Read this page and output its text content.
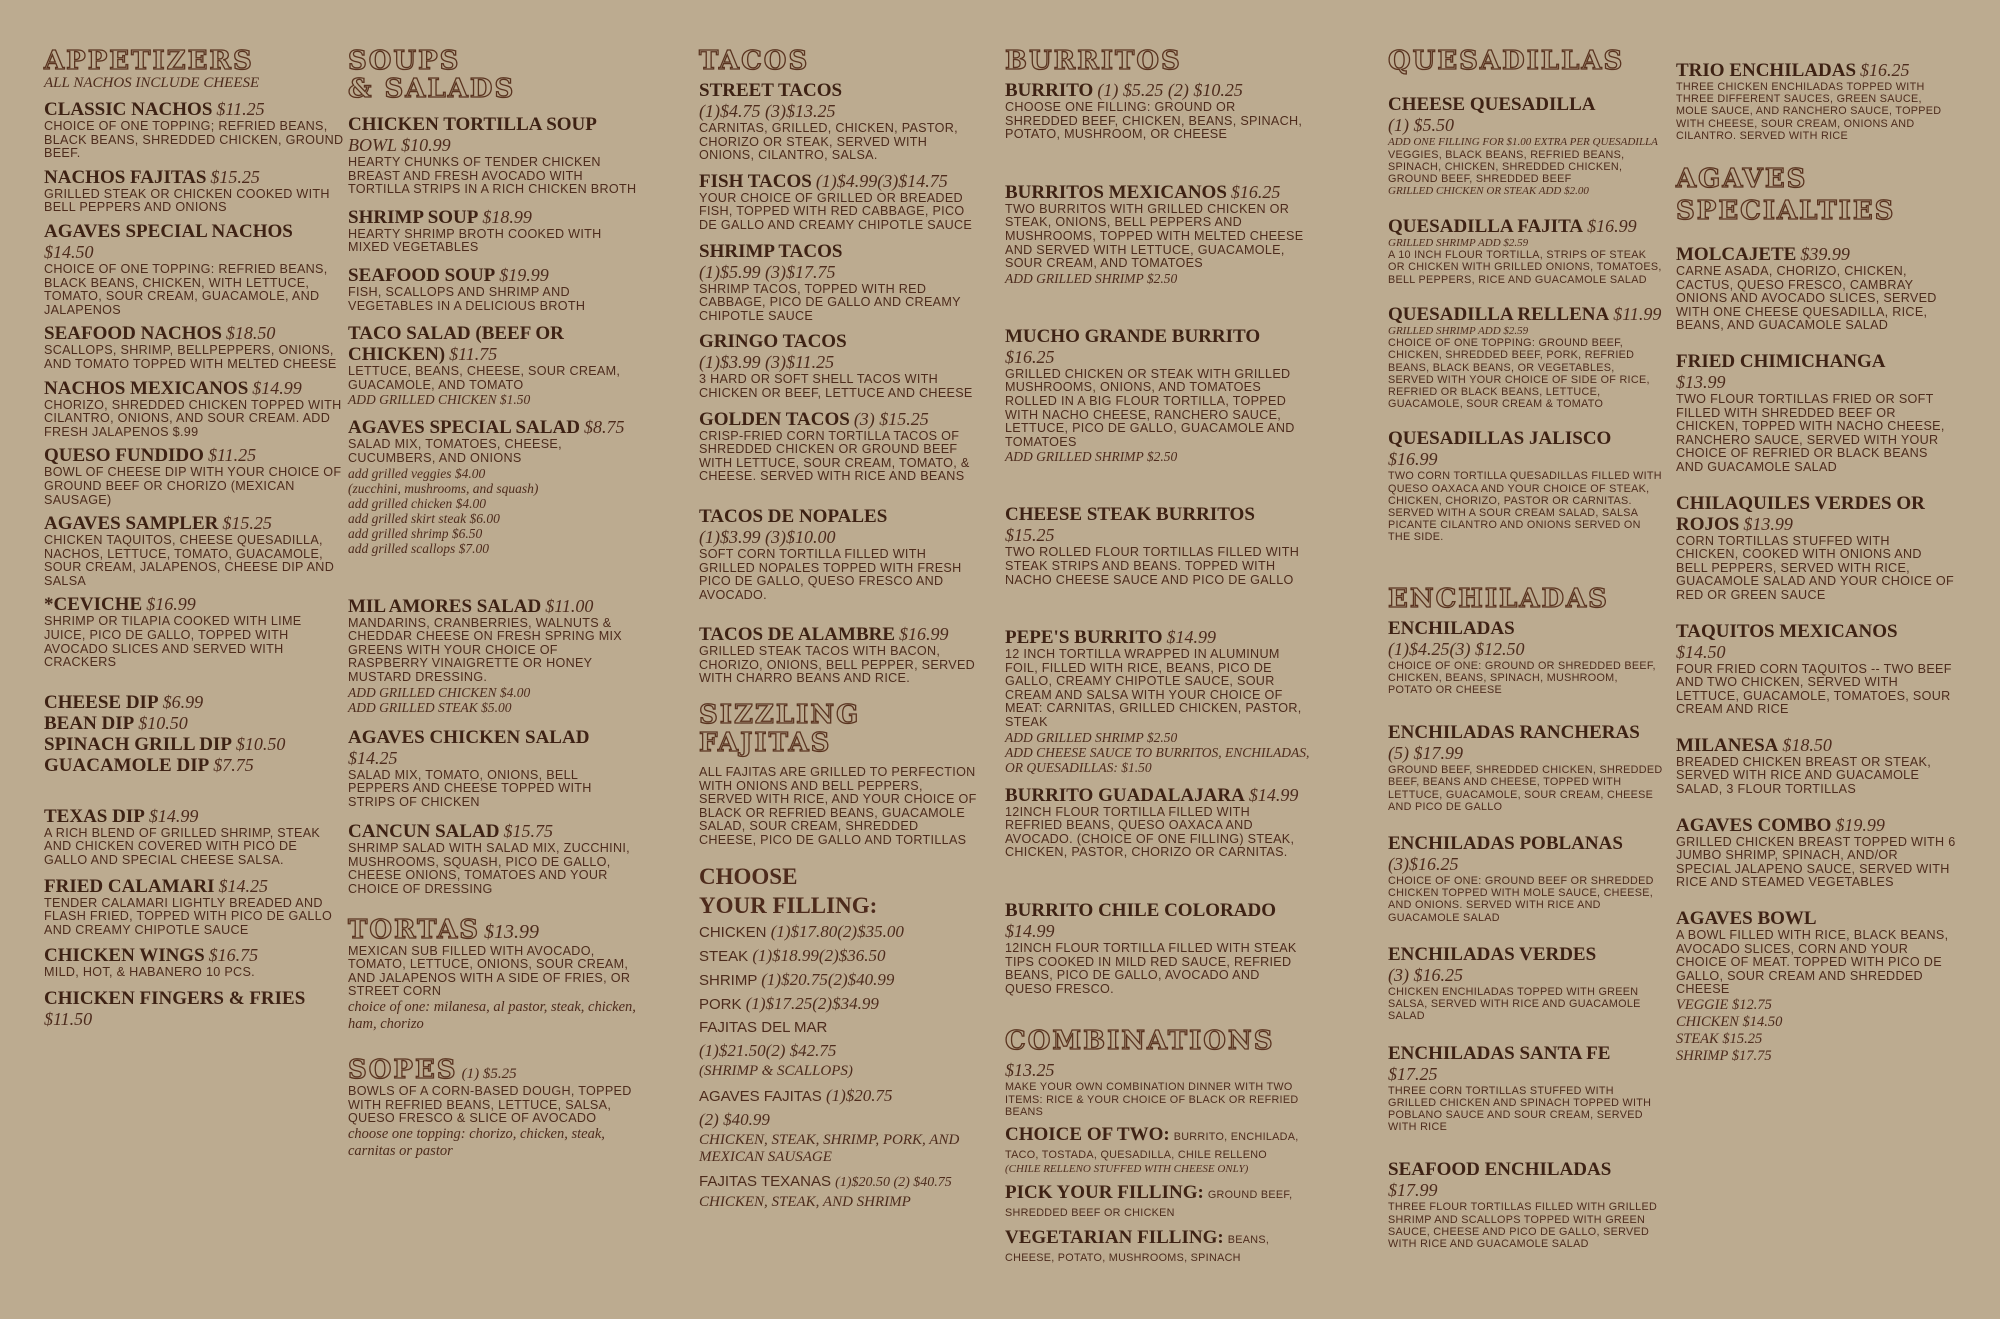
APPETIZERS
ALL NACHOS INCLUDE CHEESE
CLASSIC NACHOS $11.25
CHOICE OF ONE TOPPING; REFRIED BEANS, BLACK BEANS, SHREDDED CHICKEN, GROUND BEEF.
NACHOS FAJITAS $15.25
GRILLED STEAK OR CHICKEN COOKED WITH BELL PEPPERS AND ONIONS
AGAVES SPECIAL NACHOS $14.50
CHOICE OF ONE TOPPING: REFRIED BEANS, BLACK BEANS, CHICKEN, WITH LETTUCE, TOMATO, SOUR CREAM, GUACAMOLE, AND JALAPENOS
SEAFOOD NACHOS $18.50
SCALLOPS, SHRIMP, BELLPEPPERS, ONIONS, AND TOMATO TOPPED WITH MELTED CHEESE
NACHOS MEXICANOS $14.99
CHORIZO, SHREDDED CHICKEN TOPPED WITH CILANTRO, ONIONS, AND SOUR CREAM. ADD FRESH JALAPENOS $.99
QUESO FUNDIDO $11.25
BOWL OF CHEESE DIP WITH YOUR CHOICE OF GROUND BEEF OR CHORIZO (MEXICAN SAUSAGE)
AGAVES SAMPLER $15.25
CHICKEN TAQUITOS, CHEESE QUESADILLA, NACHOS, LETTUCE, TOMATO, GUACAMOLE, SOUR CREAM, JALAPENOS, CHEESE DIP AND SALSA
*CEVICHE $16.99
SHRIMP OR TILAPIA COOKED WITH LIME JUICE, PICO DE GALLO, TOPPED WITH AVOCADO SLICES AND SERVED WITH CRACKERS
CHEESE DIP $6.99
BEAN DIP $10.50
SPINACH GRILL DIP $10.50
GUACAMOLE DIP $7.75
TEXAS DIP $14.99
A RICH BLEND OF GRILLED SHRIMP, STEAK AND CHICKEN COVERED WITH PICO DE GALLO AND SPECIAL CHEESE SALSA.
FRIED CALAMARI $14.25
TENDER CALAMARI LIGHTLY BREADED AND FLASH FRIED, TOPPED WITH PICO DE GALLO AND CREAMY CHIPOTLE SAUCE
CHICKEN WINGS $16.75
MILD, HOT, & HABANERO 10 PCS.
CHICKEN FINGERS & FRIES $11.50
SOUPS
& SALADS
CHICKEN TORTILLA SOUP
BOWL $10.99
HEARTY CHUNKS OF TENDER CHICKEN BREAST AND FRESH AVOCADO WITH TORTILLA STRIPS IN A RICH CHICKEN BROTH
SHRIMP SOUP $18.99
HEARTY SHRIMP BROTH COOKED WITH MIXED VEGETABLES
SEAFOOD SOUP $19.99
FISH, SCALLOPS AND SHRIMP AND VEGETABLES IN A DELICIOUS BROTH
TACO SALAD (BEEF OR CHICKEN) $11.75
LETTUCE, BEANS, CHEESE, SOUR CREAM, GUACAMOLE, AND TOMATO
ADD GRILLED CHICKEN $1.50
AGAVES SPECIAL SALAD $8.75
SALAD MIX, TOMATOES, CHEESE, CUCUMBERS, AND ONIONS
add grilled veggies $4.00
(zucchini, mushrooms, and squash)
add grilled chicken $4.00
add grilled skirt steak $6.00
add grilled shrimp $6.50
add grilled scallops $7.00
MIL AMORES SALAD $11.00
MANDARINS, CRANBERRIES, WALNUTS & CHEDDAR CHEESE ON FRESH SPRING MIX GREENS WITH YOUR CHOICE OF RASPBERRY VINAIGRETTE OR HONEY MUSTARD DRESSING.
ADD GRILLED CHICKEN $4.00
ADD GRILLED STEAK $5.00
AGAVES CHICKEN SALAD $14.25
SALAD MIX, TOMATO, ONIONS, BELL PEPPERS AND CHEESE TOPPED WITH STRIPS OF CHICKEN
CANCUN SALAD $15.75
SHRIMP SALAD WITH SALAD MIX, ZUCCHINI, MUSHROOMS, SQUASH, PICO DE GALLO, CHEESE ONIONS, TOMATOES AND YOUR CHOICE OF DRESSING
TORTAS $13.99
MEXICAN SUB FILLED WITH AVOCADO, TOMATO, LETTUCE, ONIONS, SOUR CREAM, AND JALAPENOS WITH A SIDE OF FRIES, OR STREET CORN
choice of one: milanesa, al pastor, steak, chicken, ham, chorizo
SOPES (1) $5.25
BOWLS OF A CORN-BASED DOUGH, TOPPED WITH REFRIED BEANS, LETTUCE, SALSA, QUESO FRESCO & SLICE OF AVOCADO
choose one topping: chorizo, chicken, steak, carnitas or pastor
TACOS
STREET TACOS
(1)$4.75 (3)$13.25
CARNITAS, GRILLED, CHICKEN, PASTOR, CHORIZO OR STEAK, SERVED WITH ONIONS, CILANTRO, SALSA.
FISH TACOS (1)$4.99(3)$14.75
YOUR CHOICE OF GRILLED OR BREADED FISH, TOPPED WITH RED CABBAGE, PICO DE GALLO AND CREAMY CHIPOTLE SAUCE
SHRIMP TACOS
(1)$5.99 (3)$17.75
SHRIMP TACOS, TOPPED WITH RED CABBAGE, PICO DE GALLO AND CREAMY CHIPOTLE SAUCE
GRINGO TACOS
(1)$3.99 (3)$11.25
3 HARD OR SOFT SHELL TACOS WITH CHICKEN OR BEEF, LETTUCE AND CHEESE
GOLDEN TACOS (3) $15.25
CRISP-FRIED CORN TORTILLA TACOS OF SHREDDED CHICKEN OR GROUND BEEF WITH LETTUCE, SOUR CREAM, TOMATO, & CHEESE. SERVED WITH RICE AND BEANS
TACOS DE NOPALES
(1)$3.99 (3)$10.00
SOFT CORN TORTILLA FILLED WITH GRILLED NOPALES TOPPED WITH FRESH PICO DE GALLO, QUESO FRESCO AND AVOCADO.
TACOS DE ALAMBRE $16.99
GRILLED STEAK TACOS WITH BACON, CHORIZO, ONIONS, BELL PEPPER, SERVED WITH CHARRO BEANS AND RICE.
SIZZLING
FAJITAS
ALL FAJITAS ARE GRILLED TO PERFECTION WITH ONIONS AND BELL PEPPERS, SERVED WITH RICE, AND YOUR CHOICE OF BLACK OR REFRIED BEANS, GUACAMOLE SALAD, SOUR CREAM, SHREDDED CHEESE, PICO DE GALLO AND TORTILLAS
CHOOSE
YOUR FILLING:
CHICKEN (1)$17.80(2)$35.00
STEAK (1)$18.99(2)$36.50
SHRIMP (1)$20.75(2)$40.99
PORK (1)$17.25(2)$34.99
FAJITAS DEL MAR
(1)$21.50(2) $42.75
(SHRIMP & SCALLOPS)
AGAVES FAJITAS (1)$20.75
(2) $40.99
CHICKEN, STEAK, SHRIMP, PORK, AND MEXICAN SAUSAGE
FAJITAS TEXANAS (1)$20.50 (2) $40.75
CHICKEN, STEAK, AND SHRIMP
BURRITOS
BURRITO (1) $5.25 (2) $10.25
CHOOSE ONE FILLING: GROUND OR SHREDDED BEEF, CHICKEN, BEANS, SPINACH, POTATO, MUSHROOM, OR CHEESE
BURRITOS MEXICANOS $16.25
TWO BURRITOS WITH GRILLED CHICKEN OR STEAK, ONIONS, BELL PEPPERS AND MUSHROOMS, TOPPED WITH MELTED CHEESE AND SERVED WITH LETTUCE, GUACAMOLE, SOUR CREAM, AND TOMATOES
ADD GRILLED SHRIMP $2.50
MUCHO GRANDE BURRITO
$16.25
GRILLED CHICKEN OR STEAK WITH GRILLED MUSHROOMS, ONIONS, AND TOMATOES ROLLED IN A BIG FLOUR TORTILLA, TOPPED WITH NACHO CHEESE, RANCHERO SAUCE, LETTUCE, PICO DE GALLO, GUACAMOLE AND TOMATOES
ADD GRILLED SHRIMP $2.50
CHEESE STEAK BURRITOS
$15.25
TWO ROLLED FLOUR TORTILLAS FILLED WITH STEAK STRIPS AND BEANS. TOPPED WITH NACHO CHEESE SAUCE AND PICO DE GALLO
PEPE'S BURRITO $14.99
12 INCH TORTILLA WRAPPED IN ALUMINUM FOIL, FILLED WITH RICE, BEANS, PICO DE GALLO, CREAMY CHIPOTLE SAUCE, SOUR CREAM AND SALSA WITH YOUR CHOICE OF MEAT: CARNITAS, GRILLED CHICKEN, PASTOR, STEAK
ADD GRILLED SHRIMP $2.50
ADD CHEESE SAUCE TO BURRITOS, ENCHILADAS, OR QUESADILLAS: $1.50
BURRITO GUADALAJARA $14.99
12INCH FLOUR TORTILLA FILLED WITH REFRIED BEANS, QUESO OAXACA AND AVOCADO. (CHOICE OF ONE FILLING) STEAK, CHICKEN, PASTOR, CHORIZO OR CARNITAS.
BURRITO CHILE COLORADO
$14.99
12INCH FLOUR TORTILLA FILLED WITH STEAK TIPS COOKED IN MILD RED SAUCE, REFRIED BEANS, PICO DE GALLO, AVOCADO AND QUESO FRESCO.
COMBINATIONS
$13.25
MAKE YOUR OWN COMBINATION DINNER WITH TWO ITEMS: RICE & YOUR CHOICE OF BLACK OR REFRIED BEANS
CHOICE OF TWO: BURRITO, ENCHILADA, TACO, TOSTADA, QUESADILLA, CHILE RELLENO
(CHILE RELLENO STUFFED WITH CHEESE ONLY)
PICK YOUR FILLING: GROUND BEEF, SHREDDED BEEF OR CHICKEN
VEGETARIAN FILLING: BEANS, CHEESE, POTATO, MUSHROOMS, SPINACH
QUESADILLAS
CHEESE QUESADILLA
(1) $5.50
ADD ONE FILLING FOR $1.00 EXTRA PER QUESADILLA
VEGGIES, BLACK BEANS, REFRIED BEANS, SPINACH, CHICKEN, SHREDDED CHICKEN, GROUND BEEF, SHREDDED BEEF
GRILLED CHICKEN OR STEAK ADD $2.00
QUESADILLA FAJITA $16.99
GRILLED SHRIMP ADD $2.59
A 10 INCH FLOUR TORTILLA, STRIPS OF STEAK OR CHICKEN WITH GRILLED ONIONS, TOMATOES, BELL PEPPERS, RICE AND GUACAMOLE SALAD
QUESADILLA RELLENA $11.99
GRILLED SHRIMP ADD $2.59
CHOICE OF ONE TOPPING: GROUND BEEF, CHICKEN, SHREDDED BEEF, PORK, REFRIED BEANS, BLACK BEANS, OR VEGETABLES, SERVED WITH YOUR CHOICE OF SIDE OF RICE, REFRIED OR BLACK BEANS, LETTUCE, GUACAMOLE, SOUR CREAM & TOMATO
QUESADILLAS JALISCO $16.99
TWO CORN TORTILLA QUESADILLAS FILLED WITH QUESO OAXACA AND YOUR CHOICE OF STEAK, CHICKEN, CHORIZO, PASTOR OR CARNITAS. SERVED WITH A SOUR CREAM SALAD, SALSA PICANTE CILANTRO AND ONIONS SERVED ON THE SIDE.
ENCHILADAS
ENCHILADAS
(1)$4.25(3) $12.50
CHOICE OF ONE: GROUND OR SHREDDED BEEF, CHICKEN, BEANS, SPINACH, MUSHROOM, POTATO OR CHEESE
ENCHILADAS RANCHERAS
(5) $17.99
GROUND BEEF, SHREDDED CHICKEN, SHREDDED BEEF, BEANS AND CHEESE, TOPPED WITH LETTUCE, GUACAMOLE, SOUR CREAM, CHEESE AND PICO DE GALLO
ENCHILADAS POBLANAS
(3)$16.25
CHOICE OF ONE: GROUND BEEF OR SHREDDED CHICKEN TOPPED WITH MOLE SAUCE, CHEESE, AND ONIONS. SERVED WITH RICE AND GUACAMOLE SALAD
ENCHILADAS VERDES
(3) $16.25
CHICKEN ENCHILADAS TOPPED WITH GREEN SALSA, SERVED WITH RICE AND GUACAMOLE SALAD
ENCHILADAS SANTA FE $17.25
THREE CORN TORTILLAS STUFFED WITH GRILLED CHICKEN AND SPINACH TOPPED WITH POBLANO SAUCE AND SOUR CREAM, SERVED WITH RICE
SEAFOOD ENCHILADAS $17.99
THREE FLOUR TORTILLAS FILLED WITH GRILLED SHRIMP AND SCALLOPS TOPPED WITH GREEN SAUCE, CHEESE AND PICO DE GALLO, SERVED WITH RICE AND GUACAMOLE SALAD
TRIO ENCHILADAS $16.25
THREE CHICKEN ENCHILADAS TOPPED WITH THREE DIFFERENT SAUCES, GREEN SAUCE, MOLE SAUCE, AND RANCHERO SAUCE, TOPPED WITH CHEESE, SOUR CREAM, ONIONS AND CILANTRO. SERVED WITH RICE
AGAVES
SPECIALTIES
MOLCAJETE $39.99
CARNE ASADA, CHORIZO, CHICKEN, CACTUS, QUESO FRESCO, CAMBRAY ONIONS AND AVOCADO SLICES, SERVED WITH ONE CHEESE QUESADILLA, RICE, BEANS, AND GUACAMOLE SALAD
FRIED CHIMICHANGA
$13.99
TWO FLOUR TORTILLAS FRIED OR SOFT FILLED WITH SHREDDED BEEF OR CHICKEN, TOPPED WITH NACHO CHEESE, RANCHERO SAUCE, SERVED WITH YOUR CHOICE OF REFRIED OR BLACK BEANS AND GUACAMOLE SALAD
CHILAQUILES VERDES OR ROJOS $13.99
CORN TORTILLAS STUFFED WITH CHICKEN, COOKED WITH ONIONS AND BELL PEPPERS, SERVED WITH RICE, GUACAMOLE SALAD AND YOUR CHOICE OF RED OR GREEN SAUCE
TAQUITOS MEXICANOS
$14.50
FOUR FRIED CORN TAQUITOS -- TWO BEEF AND TWO CHICKEN, SERVED WITH LETTUCE, GUACAMOLE, TOMATOES, SOUR CREAM AND RICE
MILANESA $18.50
BREADED CHICKEN BREAST OR STEAK, SERVED WITH RICE AND GUACAMOLE SALAD, 3 FLOUR TORTILLAS
AGAVES COMBO $19.99
GRILLED CHICKEN BREAST TOPPED WITH 6 JUMBO SHRIMP, SPINACH, AND/OR SPECIAL JALAPENO SAUCE, SERVED WITH RICE AND STEAMED VEGETABLES
AGAVES BOWL
A BOWL FILLED WITH RICE, BLACK BEANS, AVOCADO SLICES, CORN AND YOUR CHOICE OF MEAT. TOPPED WITH PICO DE GALLO, SOUR CREAM AND SHREDDED CHEESE
VEGGIE $12.75
CHICKEN $14.50
STEAK $15.25
SHRIMP $17.75
